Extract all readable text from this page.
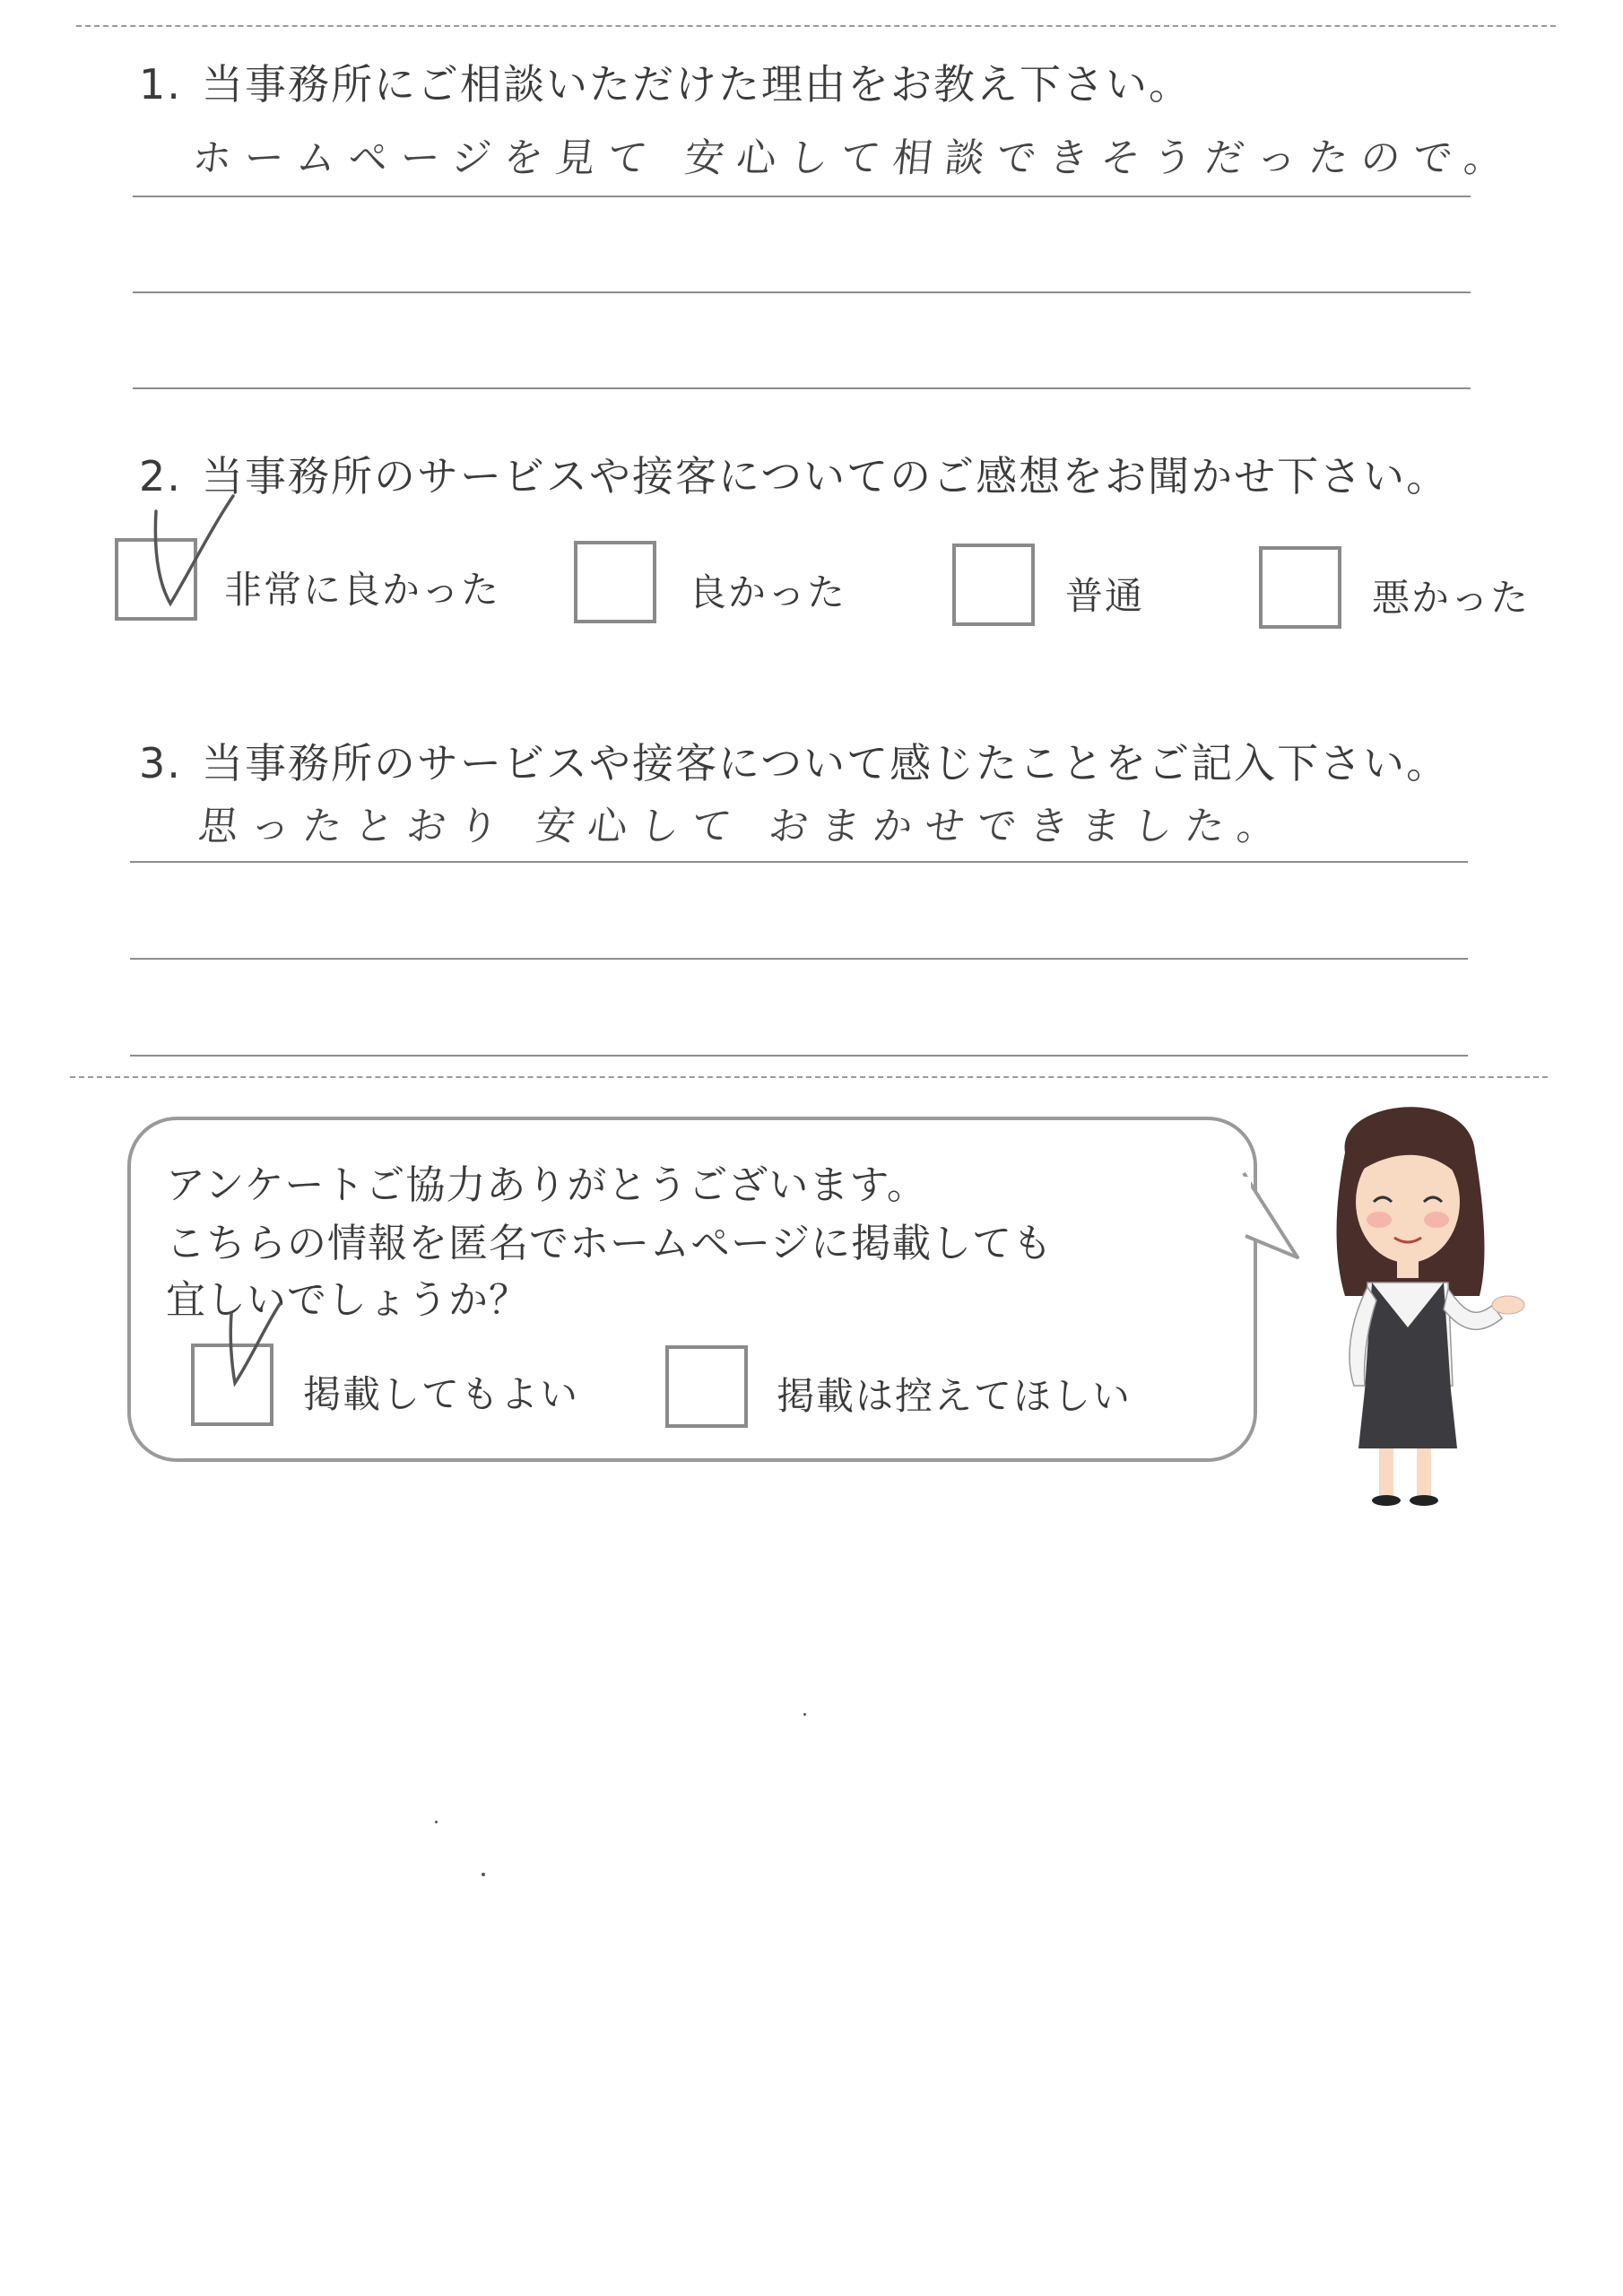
1. 当事務所にご相談いただけた理由をお教え下さい。
ホームページを見て 安心して相談できそうだったので。
2. 当事務所のサービスや接客についてのご感想をお聞かせ下さい。
非常に良かった	良かった	普通	悪かった
3. 当事務所のサービスや接客について感じたことをご記入下さい。
思ったとおり 安心して おまかせできました。
アンケートご協力ありがとうございます。
こちらの情報を匿名でホームページに掲載しても
宜しいでしょうか？
掲載してもよい	掲載は控えてほしい
